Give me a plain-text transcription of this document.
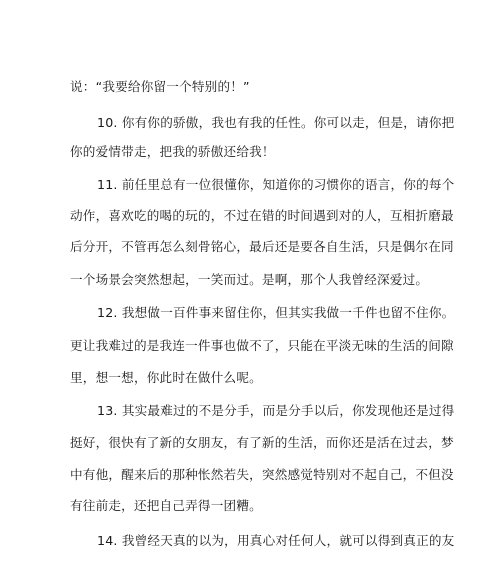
说：“我要给你留一个特别的！”
10. 你有你的骄傲，我也有我的任性。你可以走，但是，请你把
你的爱情带走，把我的骄傲还给我！
11. 前任里总有一位很懂你，知道你的习惯你的语言，你的每个
动作，喜欢吃的喝的玩的，不过在错的时间遇到对的人，互相折磨最
后分开，不管再怎么刻骨铭心，最后还是要各自生活，只是偶尔在同
一个场景会突然想起，一笑而过。是啊，那个人我曾经深爱过。
12. 我想做一百件事来留住你，但其实我做一千件也留不住你。
更让我难过的是我连一件事也做不了，只能在平淡无味的生活的间隙
里，想一想，你此时在做什么呢。
13. 其实最难过的不是分手，而是分手以后，你发现他还是过得
挺好，很快有了新的女朋友，有了新的生活，而你还是活在过去，梦
中有他，醒来后的那种怅然若失，突然感觉特别对不起自己，不但没
有往前走，还把自己弄得一团糟。
14. 我曾经天真的以为，用真心对任何人，就可以得到真正的友
